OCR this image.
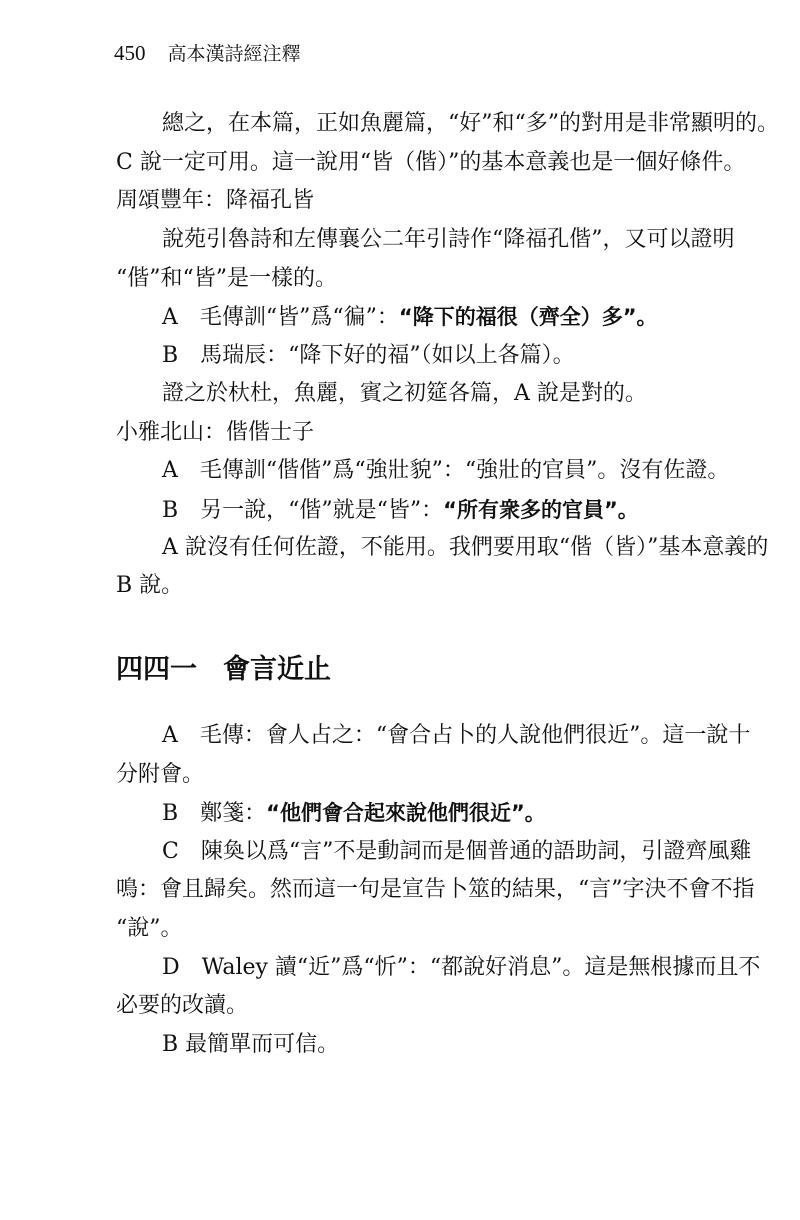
450 高本漢詩經注釋
總之，在本篇，正如魚麗篇，“好”和“多”的對用是非常顯明的。
C 說一定可用。這一說用“皆（偕）”的基本意義也是一個好條件。
周頌豐年：降福孔皆
說苑引魯詩和左傳襄公二年引詩作“降福孔偕”，又可以證明
“偕”和“皆”是一樣的。
A　毛傳訓“皆”爲“徧”：“降下的福很（齊全）多”。
B　馬瑞辰：“降下好的福”（如以上各篇）。
證之於杕杜，魚麗，賓之初筵各篇，A 說是對的。
小雅北山：偕偕士子
A　毛傳訓“偕偕”爲“強壯貌”：“強壯的官員”。沒有佐證。
B　另一說，“偕”就是“皆”：“所有衆多的官員”。
A 說沒有任何佐證，不能用。我們要用取“偕（皆）”基本意義的
B 說。
四四一 會言近止
A　毛傳：會人占之：“會合占卜的人說他們很近”。這一說十
分附會。
B　鄭箋：“他們會合起來說他們很近”。
C　陳奐以爲“言”不是動詞而是個普通的語助詞，引證齊風雞
鳴：會且歸矣。然而這一句是宣告卜筮的結果，“言”字決不會不指
“說”。
D　Waley 讀“近”爲“忻”：“都說好消息”。這是無根據而且不
必要的改讀。
B 最簡單而可信。
